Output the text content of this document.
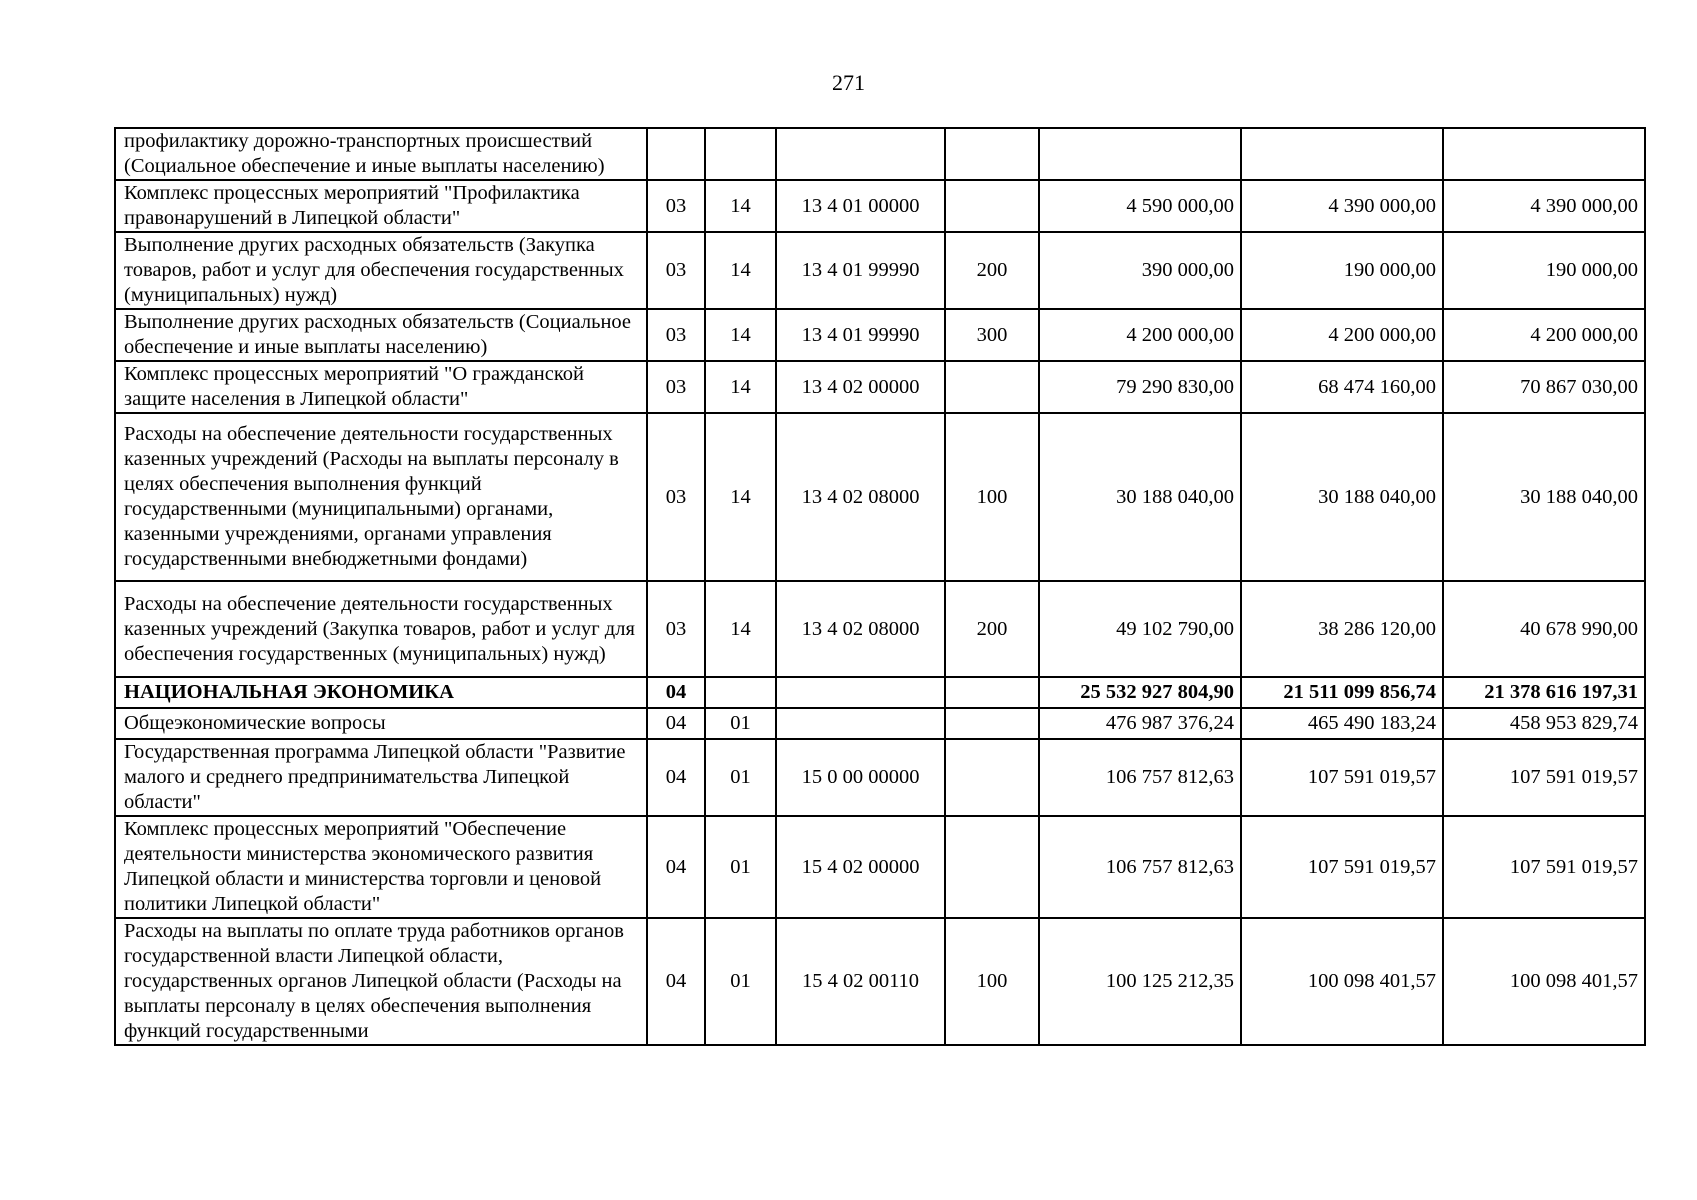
271
профилактику дорожно-транспортных происшествий (Социальное обеспечение и иные выплаты населению)							
Комплекс процессных мероприятий "Профилактика правонарушений в Липецкой области"	03	14	13 4 01 00000		4 590 000,00	4 390 000,00	4 390 000,00
Выполнение других расходных обязательств (Закупка товаров, работ и услуг для обеспечения государственных (муниципальных) нужд)	03	14	13 4 01 99990	200	390 000,00	190 000,00	190 000,00
Выполнение других расходных обязательств (Социальное обеспечение и иные выплаты населению)	03	14	13 4 01 99990	300	4 200 000,00	4 200 000,00	4 200 000,00
Комплекс процессных мероприятий "О гражданской защите населения в Липецкой области"	03	14	13 4 02 00000		79 290 830,00	68 474 160,00	70 867 030,00
Расходы на обеспечение деятельности государственных казенных учреждений (Расходы на выплаты персоналу в целях обеспечения выполнения функций государственными (муниципальными) органами, казенными учреждениями, органами управления государственными внебюджетными фондами)	03	14	13 4 02 08000	100	30 188 040,00	30 188 040,00	30 188 040,00
Расходы на обеспечение деятельности государственных казенных учреждений (Закупка товаров, работ и услуг для обеспечения государственных (муниципальных) нужд)	03	14	13 4 02 08000	200	49 102 790,00	38 286 120,00	40 678 990,00
НАЦИОНАЛЬНАЯ ЭКОНОМИКА	04				25 532 927 804,90	21 511 099 856,74	21 378 616 197,31
Общеэкономические вопросы	04	01			476 987 376,24	465 490 183,24	458 953 829,74
Государственная программа Липецкой области "Развитие малого и среднего предпринимательства Липецкой области"	04	01	15 0 00 00000		106 757 812,63	107 591 019,57	107 591 019,57
Комплекс процессных мероприятий "Обеспечение деятельности министерства экономического развития Липецкой области и министерства торговли и ценовой политики Липецкой области"	04	01	15 4 02 00000		106 757 812,63	107 591 019,57	107 591 019,57
Расходы на выплаты по оплате труда работников органов государственной власти Липецкой области, государственных органов Липецкой области (Расходы на выплаты персоналу в целях обеспечения выполнения функций государственными	04	01	15 4 02 00110	100	100 125 212,35	100 098 401,57	100 098 401,57
